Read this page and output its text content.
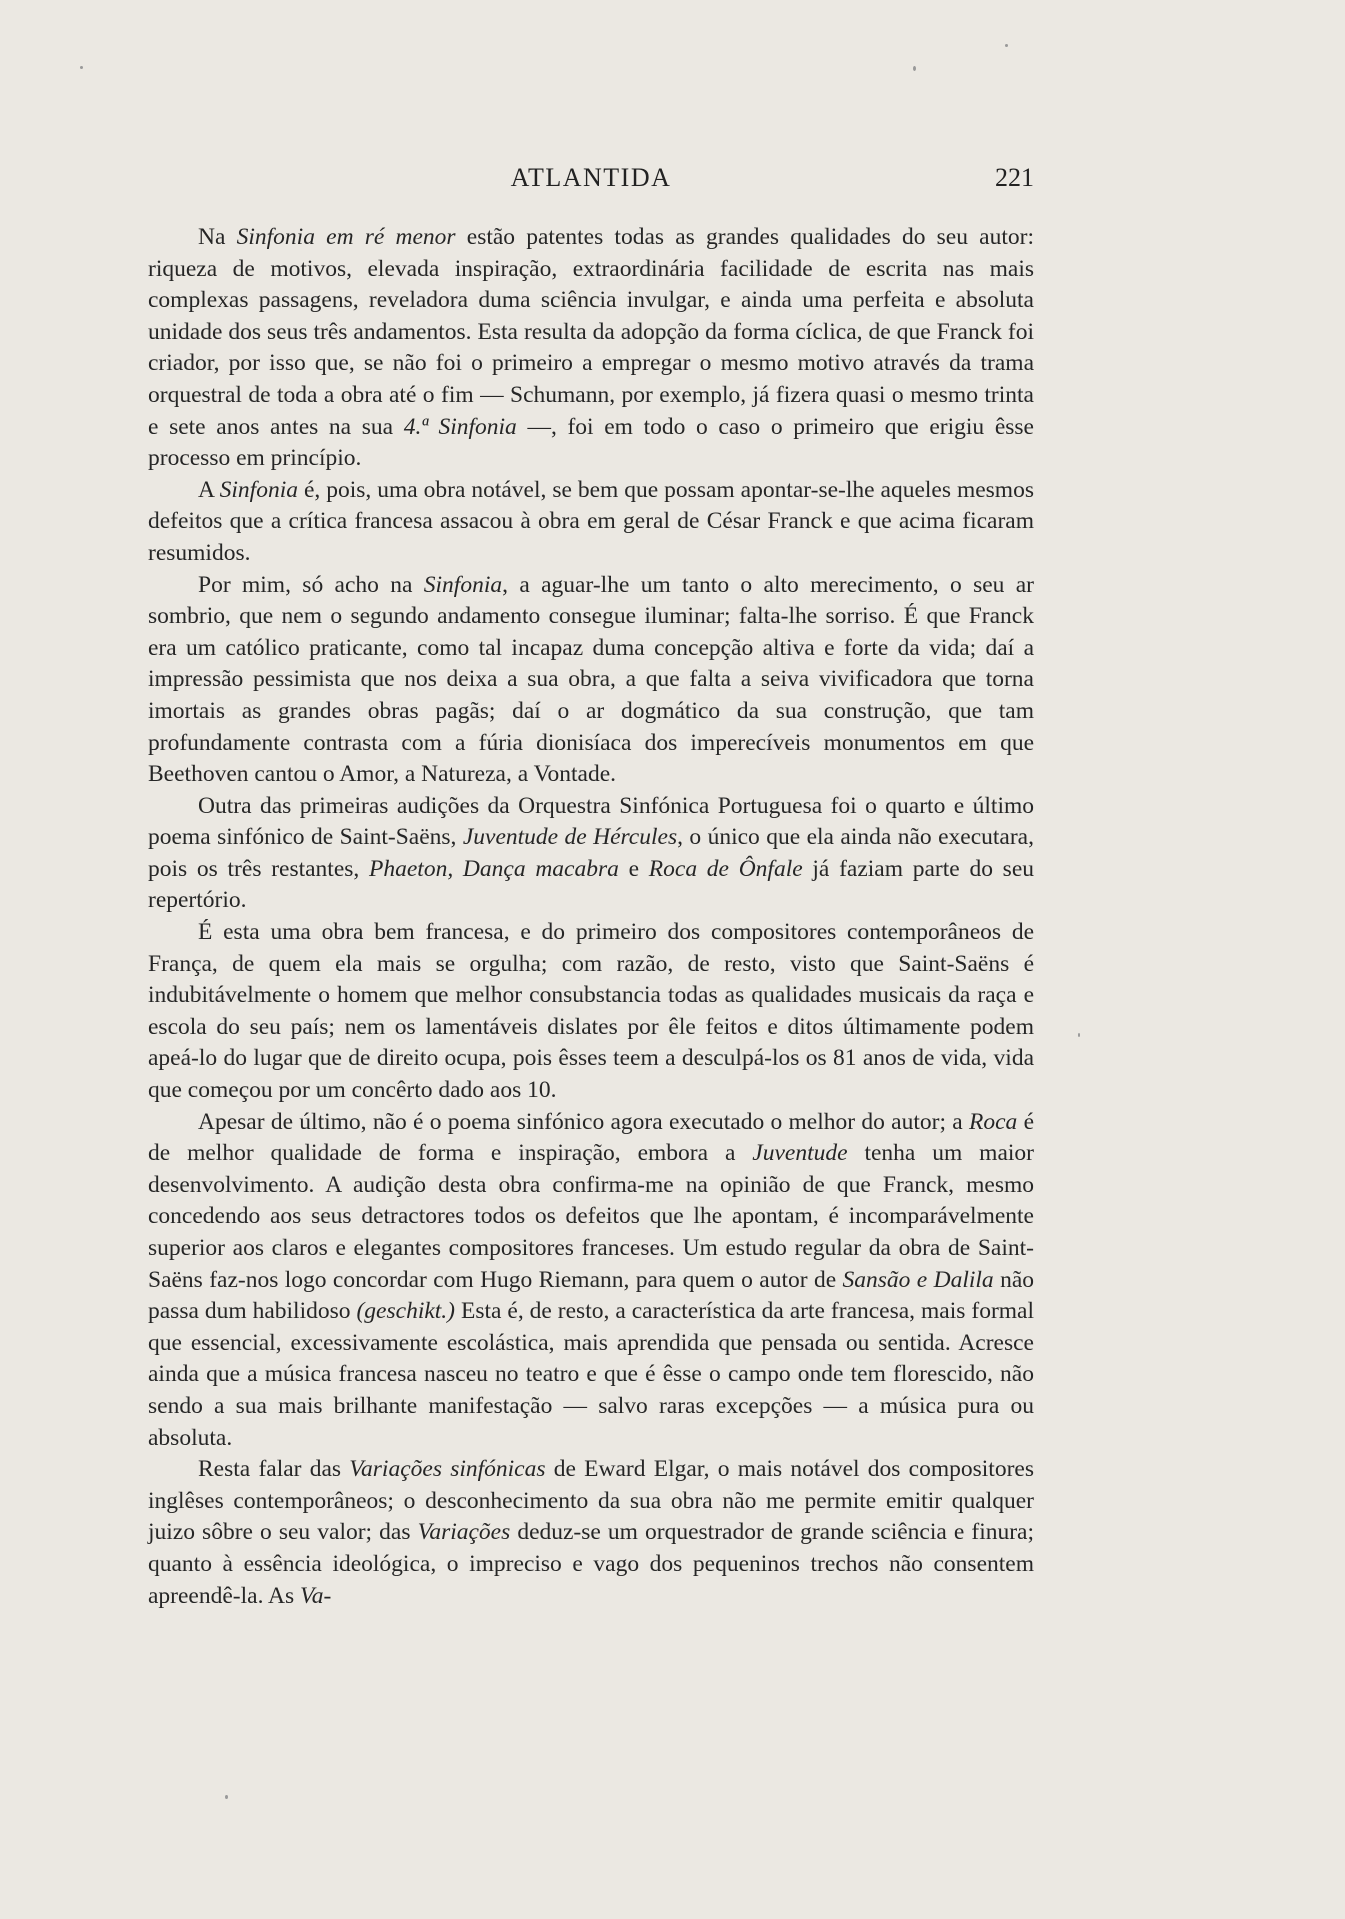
ATLANTIDA	221

Na Sinfonia em ré menor estão patentes todas as grandes qualidades do seu autor: riqueza de motivos, elevada inspiração, extraordinária facilidade de escrita nas mais complexas passagens, reveladora duma sciência invulgar, e ainda uma perfeita e absoluta unidade dos seus três andamentos. Esta resulta da adopção da forma cíclica, de que Franck foi criador, por isso que, se não foi o primeiro a empregar o mesmo motivo através da trama orquestral de toda a obra até o fim — Schumann, por exemplo, já fizera quasi o mesmo trinta e sete anos antes na sua 4.ª Sinfonia —, foi em todo o caso o primeiro que erigiu êsse processo em princípio.

A Sinfonia é, pois, uma obra notável, se bem que possam apontar-se-lhe aqueles mesmos defeitos que a crítica francesa assacou à obra em geral de César Franck e que acima ficaram resumidos.

Por mim, só acho na Sinfonia, a aguar-lhe um tanto o alto merecimento, o seu ar sombrio, que nem o segundo andamento consegue iluminar; falta-lhe sorriso. É que Franck era um católico praticante, como tal incapaz duma concepção altiva e forte da vida; daí a impressão pessimista que nos deixa a sua obra, a que falta a seiva vivificadora que torna imortais as grandes obras pagãs; daí o ar dogmático da sua construção, que tam profundamente contrasta com a fúria dionisíaca dos imperecíveis monumentos em que Beethoven cantou o Amor, a Natureza, a Vontade.

Outra das primeiras audições da Orquestra Sinfónica Portuguesa foi o quarto e último poema sinfónico de Saint-Saëns, Juventude de Hércules, o único que ela ainda não executara, pois os três restantes, Phaeton, Dança macabra e Roca de Ônfale já faziam parte do seu repertório.

É esta uma obra bem francesa, e do primeiro dos compositores contemporâneos de França, de quem ela mais se orgulha; com razão, de resto, visto que Saint-Saëns é indubitávelmente o homem que melhor consubstancia todas as qualidades musicais da raça e escola do seu país; nem os lamentáveis dislates por êle feitos e ditos últimamente podem apeá-lo do lugar que de direito ocupa, pois êsses teem a desculpá-los os 81 anos de vida, vida que começou por um concêrto dado aos 10.

Apesar de último, não é o poema sinfónico agora executado o melhor do autor; a Roca é de melhor qualidade de forma e inspiração, embora a Juventude tenha um maior desenvolvimento. A audição desta obra confirma-me na opinião de que Franck, mesmo concedendo aos seus detractores todos os defeitos que lhe apontam, é incomparávelmente superior aos claros e elegantes compositores franceses. Um estudo regular da obra de Saint-Saëns faz-nos logo concordar com Hugo Riemann, para quem o autor de Sansão e Dalila não passa dum habilidoso (geschikt.) Esta é, de resto, a característica da arte francesa, mais formal que essencial, excessivamente escolástica, mais aprendida que pensada ou sentida. Acresce ainda que a música francesa nasceu no teatro e que é êsse o campo onde tem florescido, não sendo a sua mais brilhante manifestação — salvo raras excepções — a música pura ou absoluta.

Resta falar das Variações sinfónicas de Eward Elgar, o mais notável dos compositores inglêses contemporâneos; o desconhecimento da sua obra não me permite emitir qualquer juizo sôbre o seu valor; das Variações deduz-se um orquestrador de grande sciência e finura; quanto à essência ideológica, o impreciso e vago dos pequeninos trechos não consentem apreendê-la. As Va-
